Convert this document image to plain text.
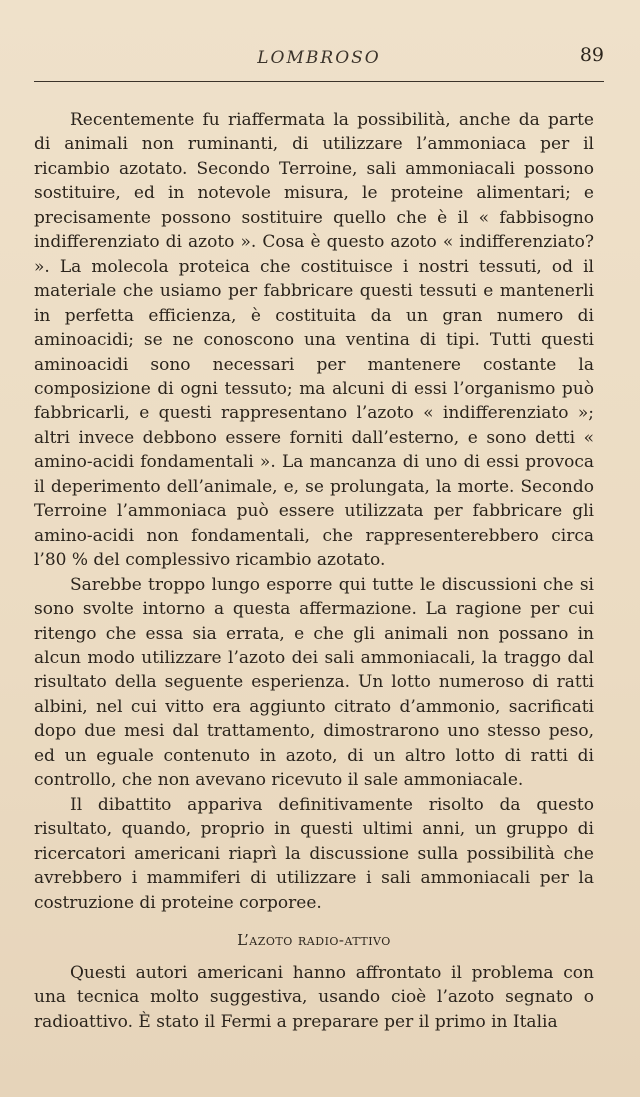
LOMBROSO	89

Recentemente fu riaffermata la possibilità, anche da parte di animali non ruminanti, di utilizzare l’ammoniaca per il ricambio azotato. Secondo Terroine, sali ammoniacali possono sostituire, ed in notevole misura, le proteine alimentari; e precisamente possono sostituire quello che è il « fabbisogno indifferenziato di azoto ». Cosa è questo azoto « indifferenziato? ». La molecola proteica che costituisce i nostri tessuti, od il materiale che usiamo per fabbricare questi tessuti e mantenerli in perfetta efficienza, è costituita da un gran numero di aminoacidi; se ne conoscono una ventina di tipi. Tutti questi aminoacidi sono necessari per mantenere costante la composizione di ogni tessuto; ma alcuni di essi l’organismo può fabbricarli, e questi rappresentano l’azoto « indifferenziato »; altri invece debbono essere forniti dall’esterno, e sono detti « amino-acidi fondamentali ». La mancanza di uno di essi provoca il deperimento dell’animale, e, se prolungata, la morte. Secondo Terroine l’ammoniaca può essere utilizzata per fabbricare gli amino-acidi non fondamentali, che rappresenterebbero circa l’80 % del complessivo ricambio azotato.

Sarebbe troppo lungo esporre qui tutte le discussioni che si sono svolte intorno a questa affermazione. La ragione per cui ritengo che essa sia errata, e che gli animali non possano in alcun modo utilizzare l’azoto dei sali ammoniacali, la traggo dal risultato della seguente esperienza. Un lotto numeroso di ratti albini, nel cui vitto era aggiunto citrato d’ammonio, sacrificati dopo due mesi dal trattamento, dimostrarono uno stesso peso, ed un eguale contenuto in azoto, di un altro lotto di ratti di controllo, che non avevano ricevuto il sale ammoniacale.

Il dibattito appariva definitivamente risolto da questo risultato, quando, proprio in questi ultimi anni, un gruppo di ricercatori americani riaprì la discussione sulla possibilità che avrebbero i mammiferi di utilizzare i sali ammoniacali per la costruzione di proteine corporee.

L’azoto radio-attivo

Questi autori americani hanno affrontato il problema con una tecnica molto suggestiva, usando cioè l’azoto segnato o radioattivo. È stato il Fermi a preparare per il primo in Italia
